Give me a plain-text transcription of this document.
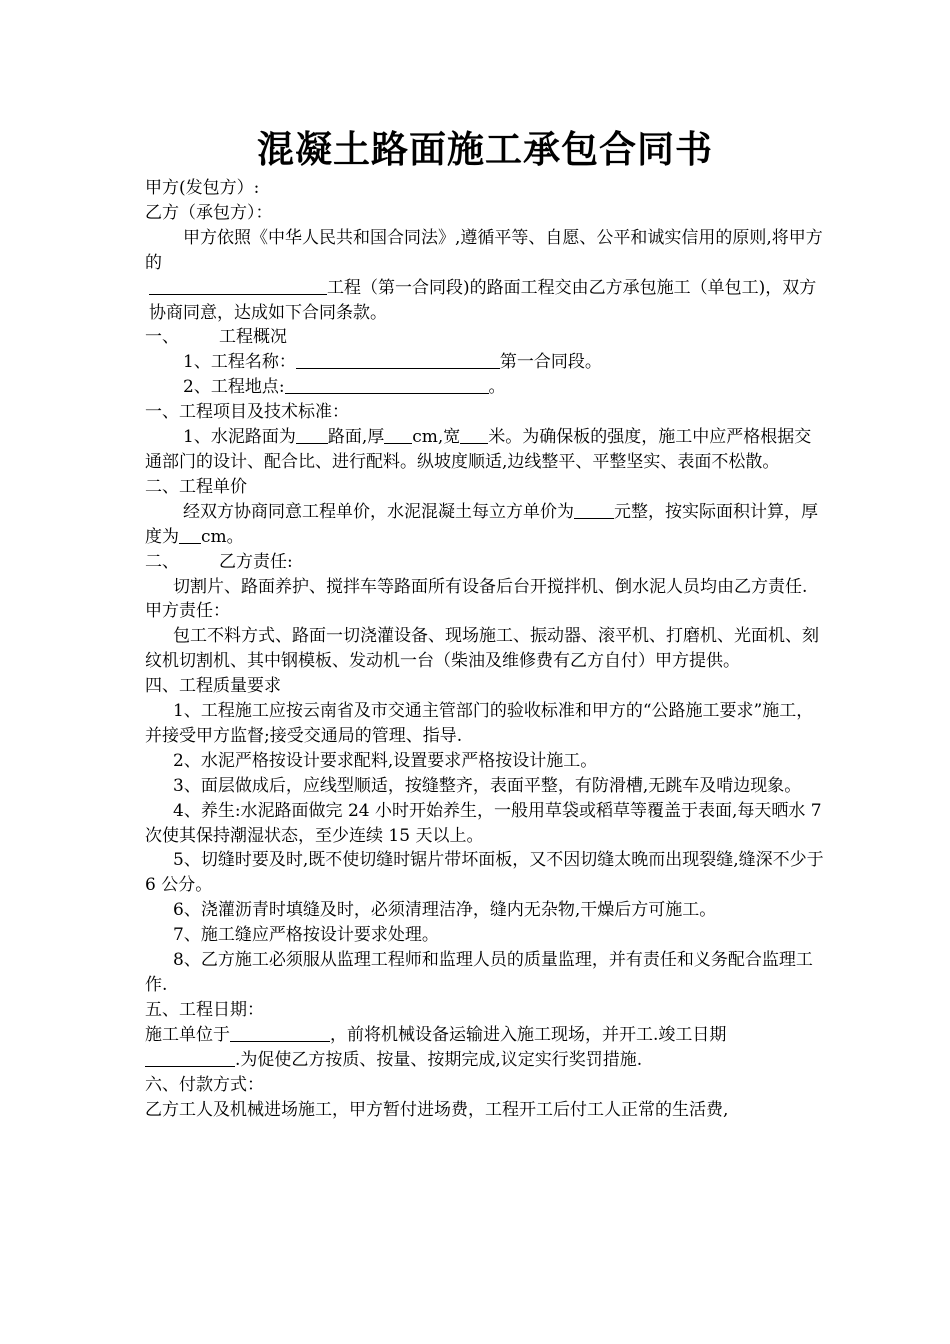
混凝土路面施工承包合同书

甲方(发包方）:

乙方（承包方）：

甲方依照《中华人民共和国合同法》,遵循平等、自愿、公平和诚实信用的原则,将甲方的

工程（第一合同段)的路面工程交由乙方承包施工（单包工)，双方协商同意，达成如下合同条款。

一、 工程概况

1、工程名称：	第一合同段。

2、工程地点:	。

一、工程项目及技术标准：

1、水泥路面为 路面,厚 cm,宽 米。为确保板的强度，施工中应严格根据交通部门的设计、配合比、进行配料。纵坡度顺适,边线整平、平整坚实、表面不松散。

二、工程单价

经双方协商同意工程单价，水泥混凝土每立方单价为 元整，按实际面积计算，厚度为 cm。

二、 乙方责任:

切割片、路面养护、搅拌车等路面所有设备后台开搅拌机、倒水泥人员均由乙方责任.

甲方责任：

包工不料方式、路面一切浇灌设备、现场施工、振动器、滚平机、打磨机、光面机、刻纹机切割机、其中钢模板、发动机一台（柴油及维修费有乙方自付）甲方提供。

四、工程质量要求

1、工程施工应按云南省及市交通主管部门的验收标准和甲方的“公路施工要求”施工，并接受甲方监督;接受交通局的管理、指导.

2、水泥严格按设计要求配料,设置要求严格按设计施工。

3、面层做成后，应线型顺适，按缝整齐，表面平整，有防滑槽,无跳车及啃边现象。

4、养生:水泥路面做完 24 小时开始养生，一般用草袋或稻草等覆盖于表面,每天晒水 7 次使其保持潮湿状态，至少连续 15 天以上。

5、切缝时要及时,既不使切缝时锯片带坏面板，又不因切缝太晚而出现裂缝,缝深不少于 6 公分。

6、浇灌沥青时填缝及时，必须清理洁净，缝内无杂物,干燥后方可施工。

7、施工缝应严格按设计要求处理。

8、乙方施工必须服从监理工程师和监理人员的质量监理，并有责任和义务配合监理工作.

五、工程日期：

施工单位于	，前将机械设备运输进入施工现场，并开工.竣工日期
.为促使乙方按质、按量、按期完成,议定实行奖罚措施.

六、付款方式：

乙方工人及机械进场施工，甲方暂付进场费，工程开工后付工人正常的生活费,
